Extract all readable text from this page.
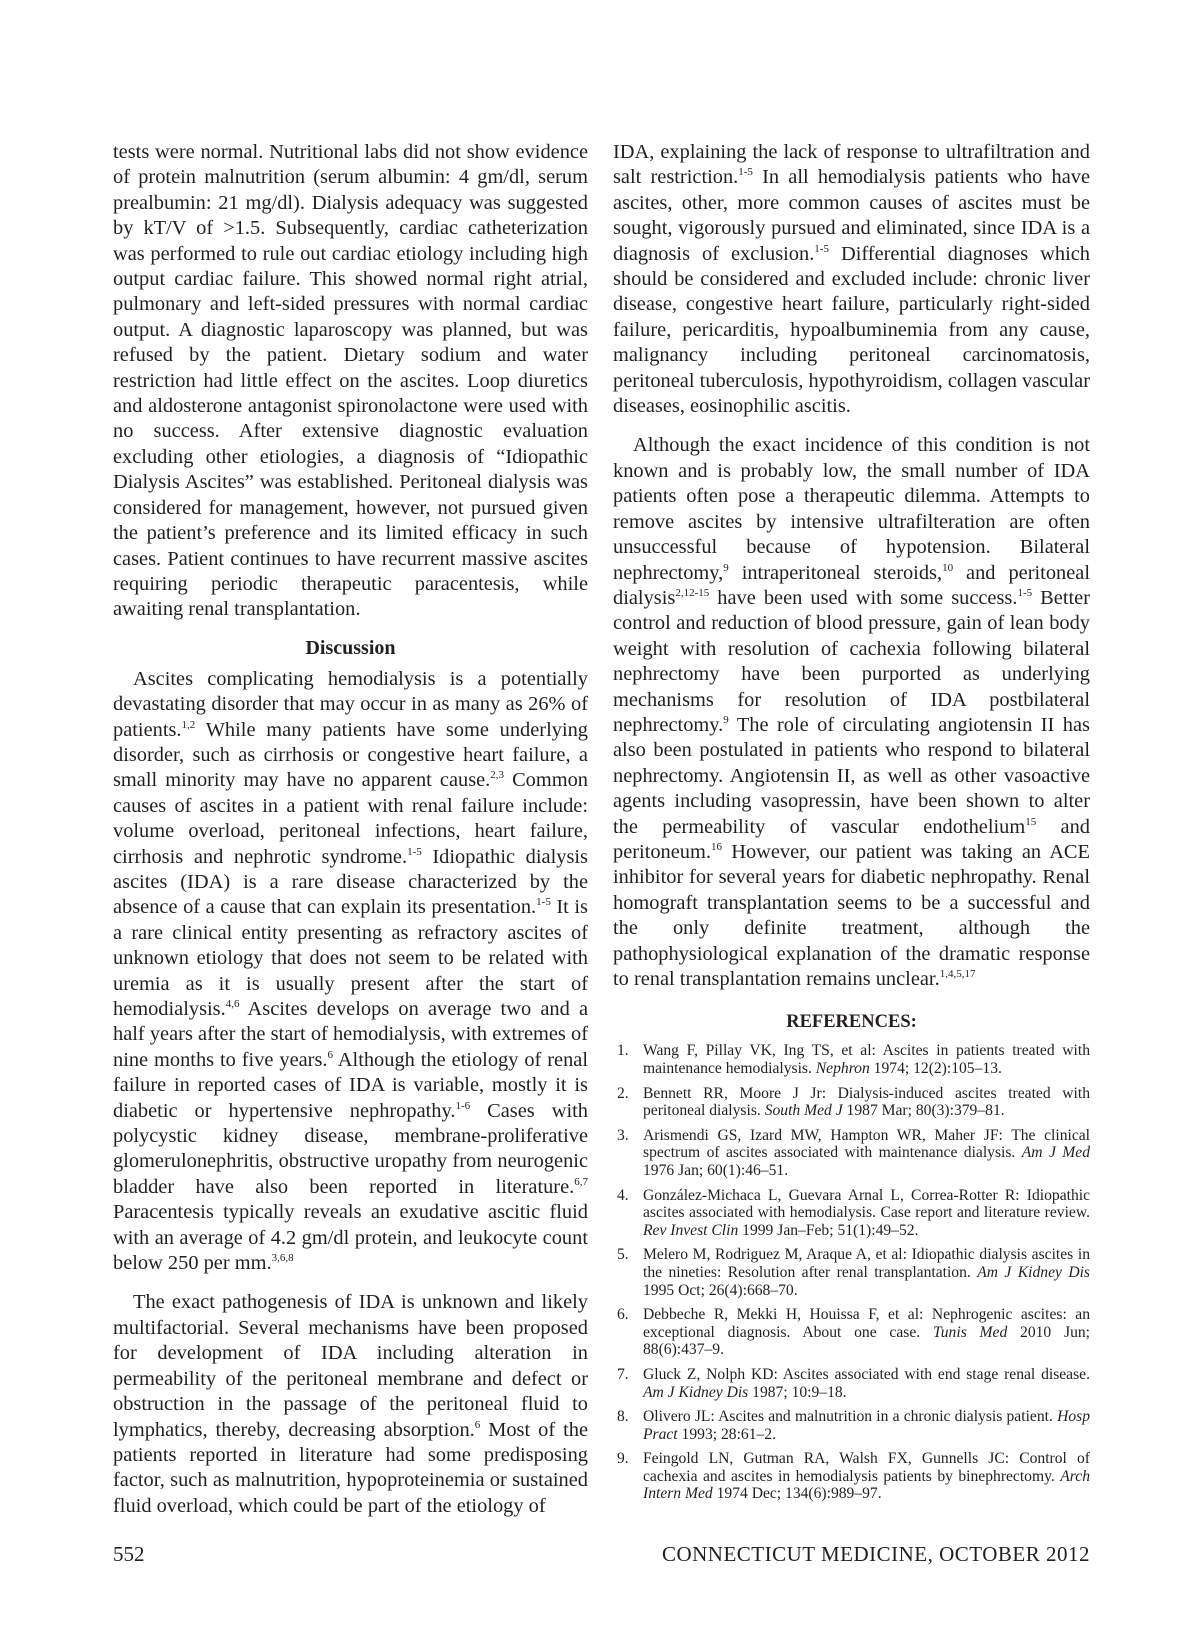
tests were normal. Nutritional labs did not show evidence of protein malnutrition (serum albumin: 4 gm/dl, serum prealbumin: 21 mg/dl). Dialysis adequacy was suggested by kT/V of >1.5. Subsequently, cardiac catheterization was performed to rule out cardiac etiology including high output cardiac failure. This showed normal right atrial, pulmonary and left-sided pressures with normal cardiac output. A diagnostic laparoscopy was planned, but was refused by the patient. Dietary sodium and water restriction had little effect on the ascites. Loop diuretics and aldosterone antagonist spironolactone were used with no success. After extensive diagnostic evaluation excluding other etiologies, a diagnosis of “Idiopathic Dialysis Ascites” was established. Peritoneal dialysis was considered for management, however, not pursued given the patient’s preference and its limited efficacy in such cases. Patient continues to have recurrent massive ascites requiring periodic therapeutic paracentesis, while awaiting renal transplantation.

Discussion

Ascites complicating hemodialysis is a potentially devastating disorder that may occur in as many as 26% of patients.$^{1,2}$ While many patients have some underlying disorder, such as cirrhosis or congestive heart failure, a small minority may have no apparent cause.$^{2,3}$ Common causes of ascites in a patient with renal failure include: volume overload, peritoneal infections, heart failure, cirrhosis and nephrotic syndrome.$^{1-5}$ Idiopathic dialysis ascites (IDA) is a rare disease characterized by the absence of a cause that can explain its presentation.$^{1-5}$ It is a rare clinical entity presenting as refractory ascites of unknown etiology that does not seem to be related with uremia as it is usually present after the start of hemodialysis.$^{4,6}$ Ascites develops on average two and a half years after the start of hemodialysis, with extremes of nine months to five years.$^6$ Although the etiology of renal failure in reported cases of IDA is variable, mostly it is diabetic or hypertensive nephropathy.$^{1-6}$ Cases with polycystic kidney disease, membrane-proliferative glomerulonephritis, obstructive uropathy from neurogenic bladder have also been reported in literature.$^{6,7}$ Paracentesis typically reveals an exudative ascitic fluid with an average of 4.2 gm/dl protein, and leukocyte count below 250 per mm.$^{3,6,8}$

The exact pathogenesis of IDA is unknown and likely multifactorial. Several mechanisms have been proposed for development of IDA including alteration in permeability of the peritoneal membrane and defect or obstruction in the passage of the peritoneal fluid to lymphatics, thereby, decreasing absorption.$^6$ Most of the patients reported in literature had some predisposing factor, such as malnutrition, hypoproteinemia or sustained fluid overload, which could be part of the etiology of

IDA, explaining the lack of response to ultrafiltration and salt restriction.$^{1-5}$ In all hemodialysis patients who have ascites, other, more common causes of ascites must be sought, vigorously pursued and eliminated, since IDA is a diagnosis of exclusion.$^{1-5}$ Differential diagnoses which should be considered and excluded include: chronic liver disease, congestive heart failure, particularly right-sided failure, pericarditis, hypoalbuminemia from any cause, malignancy including peritoneal carcinomatosis, peritoneal tuberculosis, hypothyroidism, collagen vascular diseases, eosinophilic ascitis.

Although the exact incidence of this condition is not known and is probably low, the small number of IDA patients often pose a therapeutic dilemma. Attempts to remove ascites by intensive ultrafilteration are often unsuccessful because of hypotension. Bilateral nephrectomy,$^9$ intraperitoneal steroids,$^{10}$ and peritoneal dialysis$^{2,12-15}$ have been used with some success.$^{1-5}$ Better control and reduction of blood pressure, gain of lean body weight with resolution of cachexia following bilateral nephrectomy have been purported as underlying mechanisms for resolution of IDA postbilateral nephrectomy.$^9$ The role of circulating angiotensin II has also been postulated in patients who respond to bilateral nephrectomy. Angiotensin II, as well as other vasoactive agents including vasopressin, have been shown to alter the permeability of vascular endothelium$^{15}$ and peritoneum.$^{16}$ However, our patient was taking an ACE inhibitor for several years for diabetic nephropathy. Renal homograft transplantation seems to be a successful and the only definite treatment, although the pathophysiological explanation of the dramatic response to renal transplantation remains unclear.$^{1,4,5,17}$

REFERENCES:
1. Wang F, Pillay VK, Ing TS, et al: Ascites in patients treated with maintenance hemodialysis. Nephron 1974; 12(2):105–13.
2. Bennett RR, Moore J Jr: Dialysis-induced ascites treated with peritoneal dialysis. South Med J 1987 Mar; 80(3):379–81.
3. Arismendi GS, Izard MW, Hampton WR, Maher JF: The clinical spectrum of ascites associated with maintenance dialysis. Am J Med 1976 Jan; 60(1):46–51.
4. González-Michaca L, Guevara Arnal L, Correa-Rotter R: Idiopathic ascites associated with hemodialysis. Case report and literature review. Rev Invest Clin 1999 Jan–Feb; 51(1):49–52.
5. Melero M, Rodriguez M, Araque A, et al: Idiopathic dialysis ascites in the nineties: Resolution after renal transplantation. Am J Kidney Dis 1995 Oct; 26(4):668–70.
6. Debbeche R, Mekki H, Houissa F, et al: Nephrogenic ascites: an exceptional diagnosis. About one case. Tunis Med 2010 Jun; 88(6):437–9.
7. Gluck Z, Nolph KD: Ascites associated with end stage renal disease. Am J Kidney Dis 1987; 10:9–18.
8. Olivero JL: Ascites and malnutrition in a chronic dialysis patient. Hosp Pract 1993; 28:61–2.
9. Feingold LN, Gutman RA, Walsh FX, Gunnells JC: Control of cachexia and ascites in hemodialysis patients by binephrectomy. Arch Intern Med 1974 Dec; 134(6):989–97.
552	CONNECTICUT MEDICINE, OCTOBER 2012
